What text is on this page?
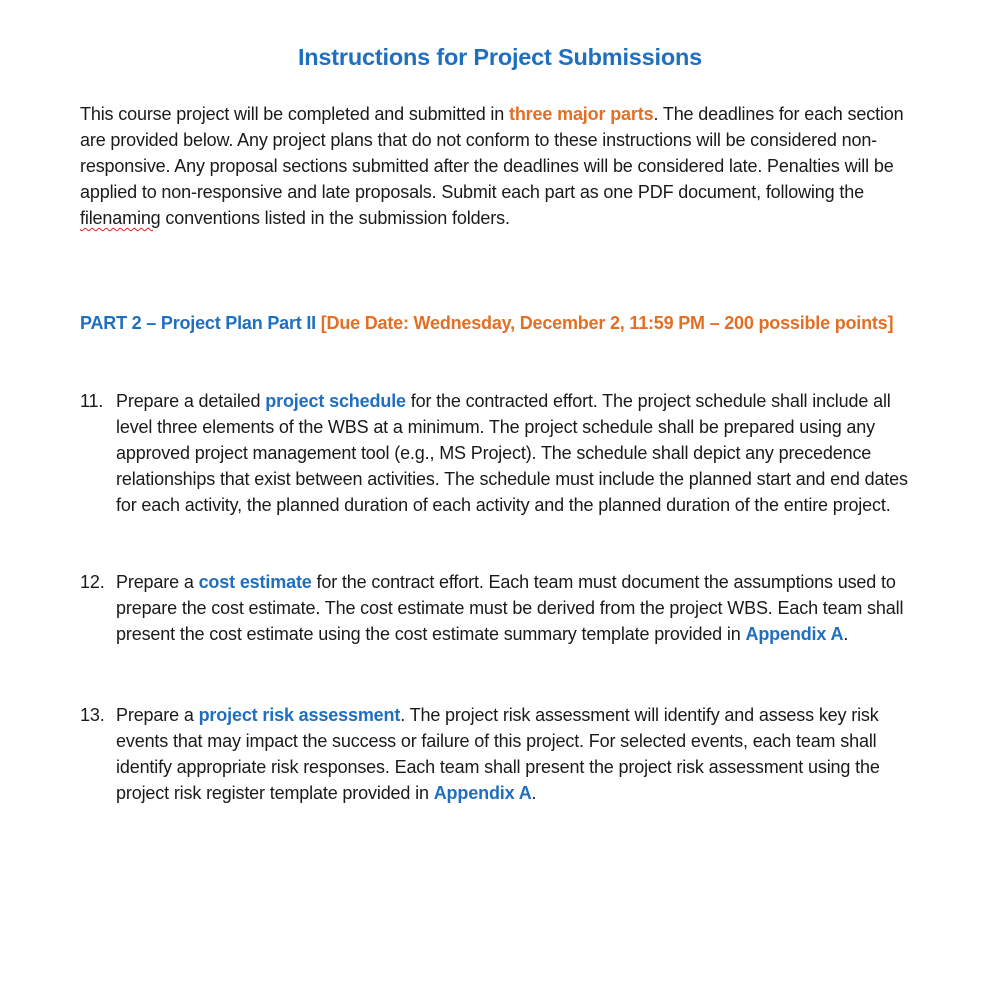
Instructions for Project Submissions

This course project will be completed and submitted in three major parts. The deadlines for each section are provided below. Any project plans that do not conform to these instructions will be considered non-responsive. Any proposal sections submitted after the deadlines will be considered late. Penalties will be applied to non-responsive and late proposals. Submit each part as one PDF document, following the filenaming conventions listed in the submission folders.

PART 2 – Project Plan Part II [Due Date: Wednesday, December 2, 11:59 PM – 200 possible points]

11. Prepare a detailed project schedule for the contracted effort. The project schedule shall include all level three elements of the WBS at a minimum. The project schedule shall be prepared using any approved project management tool (e.g., MS Project). The schedule shall depict any precedence relationships that exist between activities. The schedule must include the planned start and end dates for each activity, the planned duration of each activity and the planned duration of the entire project.
12. Prepare a cost estimate for the contract effort. Each team must document the assumptions used to prepare the cost estimate. The cost estimate must be derived from the project WBS. Each team shall present the cost estimate using the cost estimate summary template provided in Appendix A.
13. Prepare a project risk assessment. The project risk assessment will identify and assess key risk events that may impact the success or failure of this project. For selected events, each team shall identify appropriate risk responses. Each team shall present the project risk assessment using the project risk register template provided in Appendix A.
